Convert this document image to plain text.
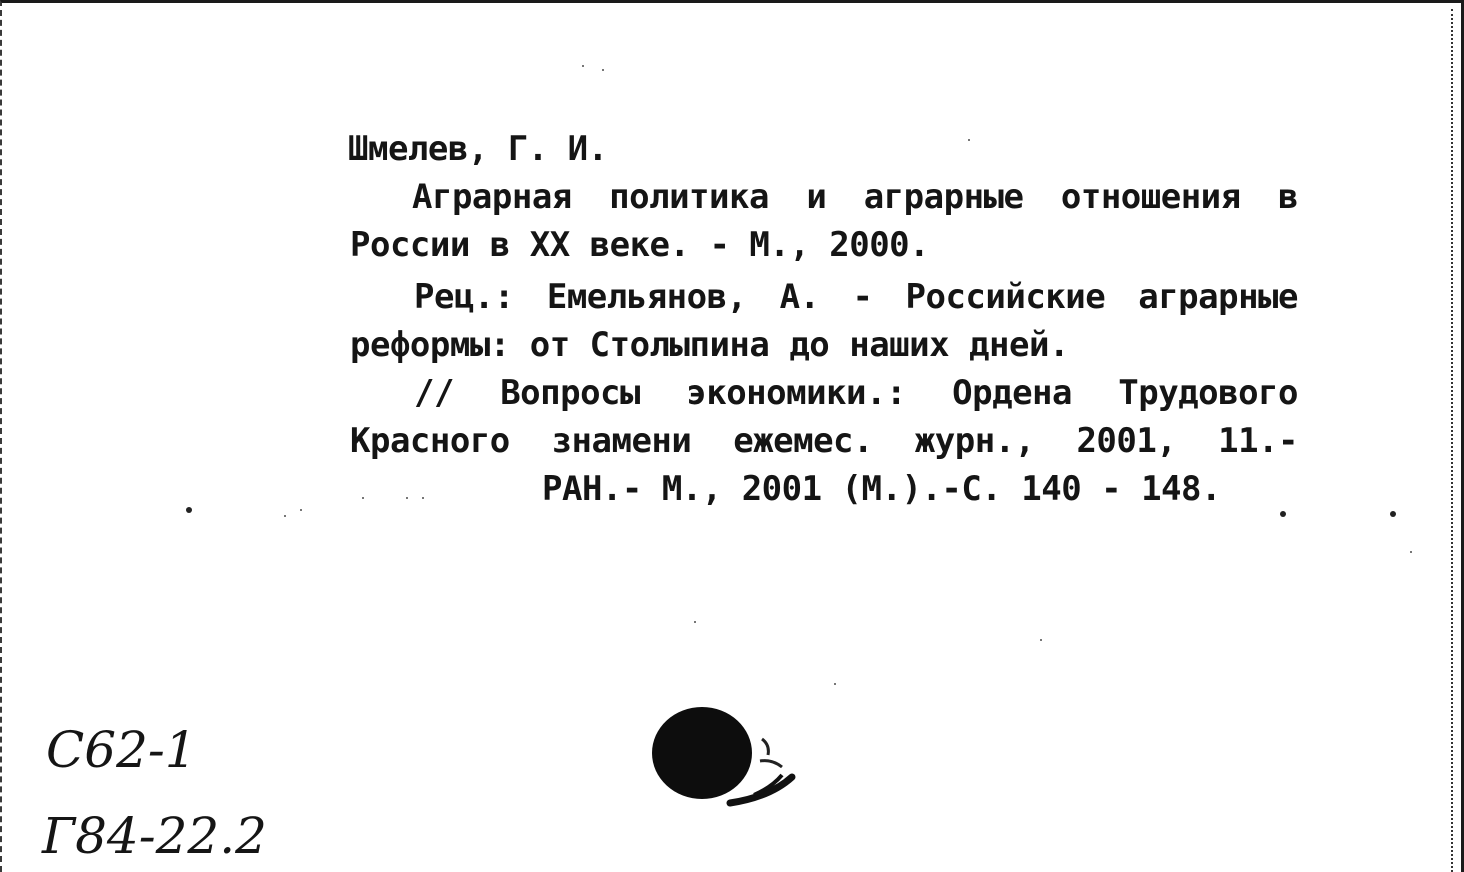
Шмелев, Г. И.
Аграрная политика и аграрные отношения в
России в XX веке. - М., 2000.
Рец.: Емельянов, А. - Российские аграрные
реформы: от Столыпина до наших дней.
// Вопросы экономики.: Ордена Трудового
Красного знамени ежемес. журн., 2001, 11.-
РАН.- М., 2001 (М.).-С. 140 - 148.
C62-1
Г84-22.2
